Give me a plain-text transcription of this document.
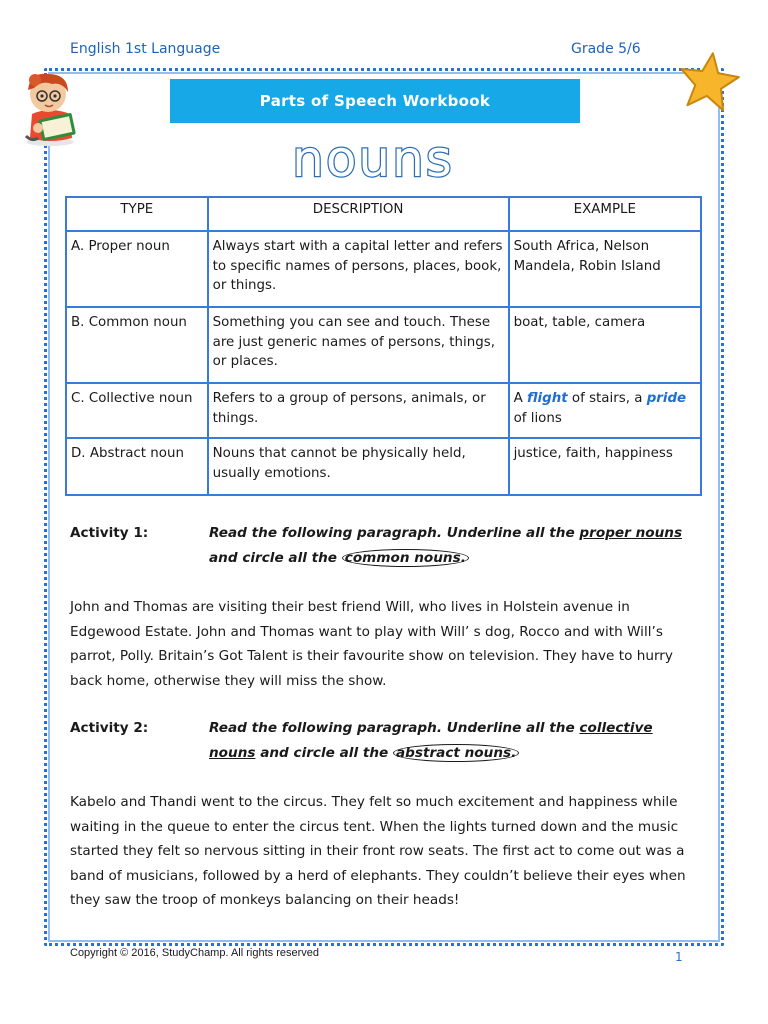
English 1st Language	Grade 5/6
Parts of Speech Workbook
nouns
TYPE	DESCRIPTION	EXAMPLE
A. Proper noun	Always start with a capital letter and refers to specific names of persons, places, book, or things.	South Africa, Nelson Mandela, Robin Island
B. Common noun	Something you can see and touch. These are just generic names of persons, things, or places.	boat, table, camera
C. Collective noun	Refers to a group of persons, animals, or things.	A flight of stairs, a pride of lions
D. Abstract noun	Nouns that cannot be physically held, usually emotions.	justice, faith, happiness
Activity 1:	Read the following paragraph. Underline all the proper nouns and circle all the common nouns.
John and Thomas are visiting their best friend Will, who lives in Holstein avenue in Edgewood Estate. John and Thomas want to play with Will’ s dog, Rocco and with Will’s parrot, Polly. Britain’s Got Talent is their favourite show on television. They have to hurry back home, otherwise they will miss the show.
Activity 2:	Read the following paragraph. Underline all the collective nouns and circle all the abstract nouns.
Kabelo and Thandi went to the circus. They felt so much excitement and happiness while waiting in the queue to enter the circus tent. When the lights turned down and the music started they felt so nervous sitting in their front row seats. The first act to come out was a band of musicians, followed by a herd of elephants. They couldn’t believe their eyes when they saw the troop of monkeys balancing on their heads!
Copyright © 2016, StudyChamp. All rights reserved	1
